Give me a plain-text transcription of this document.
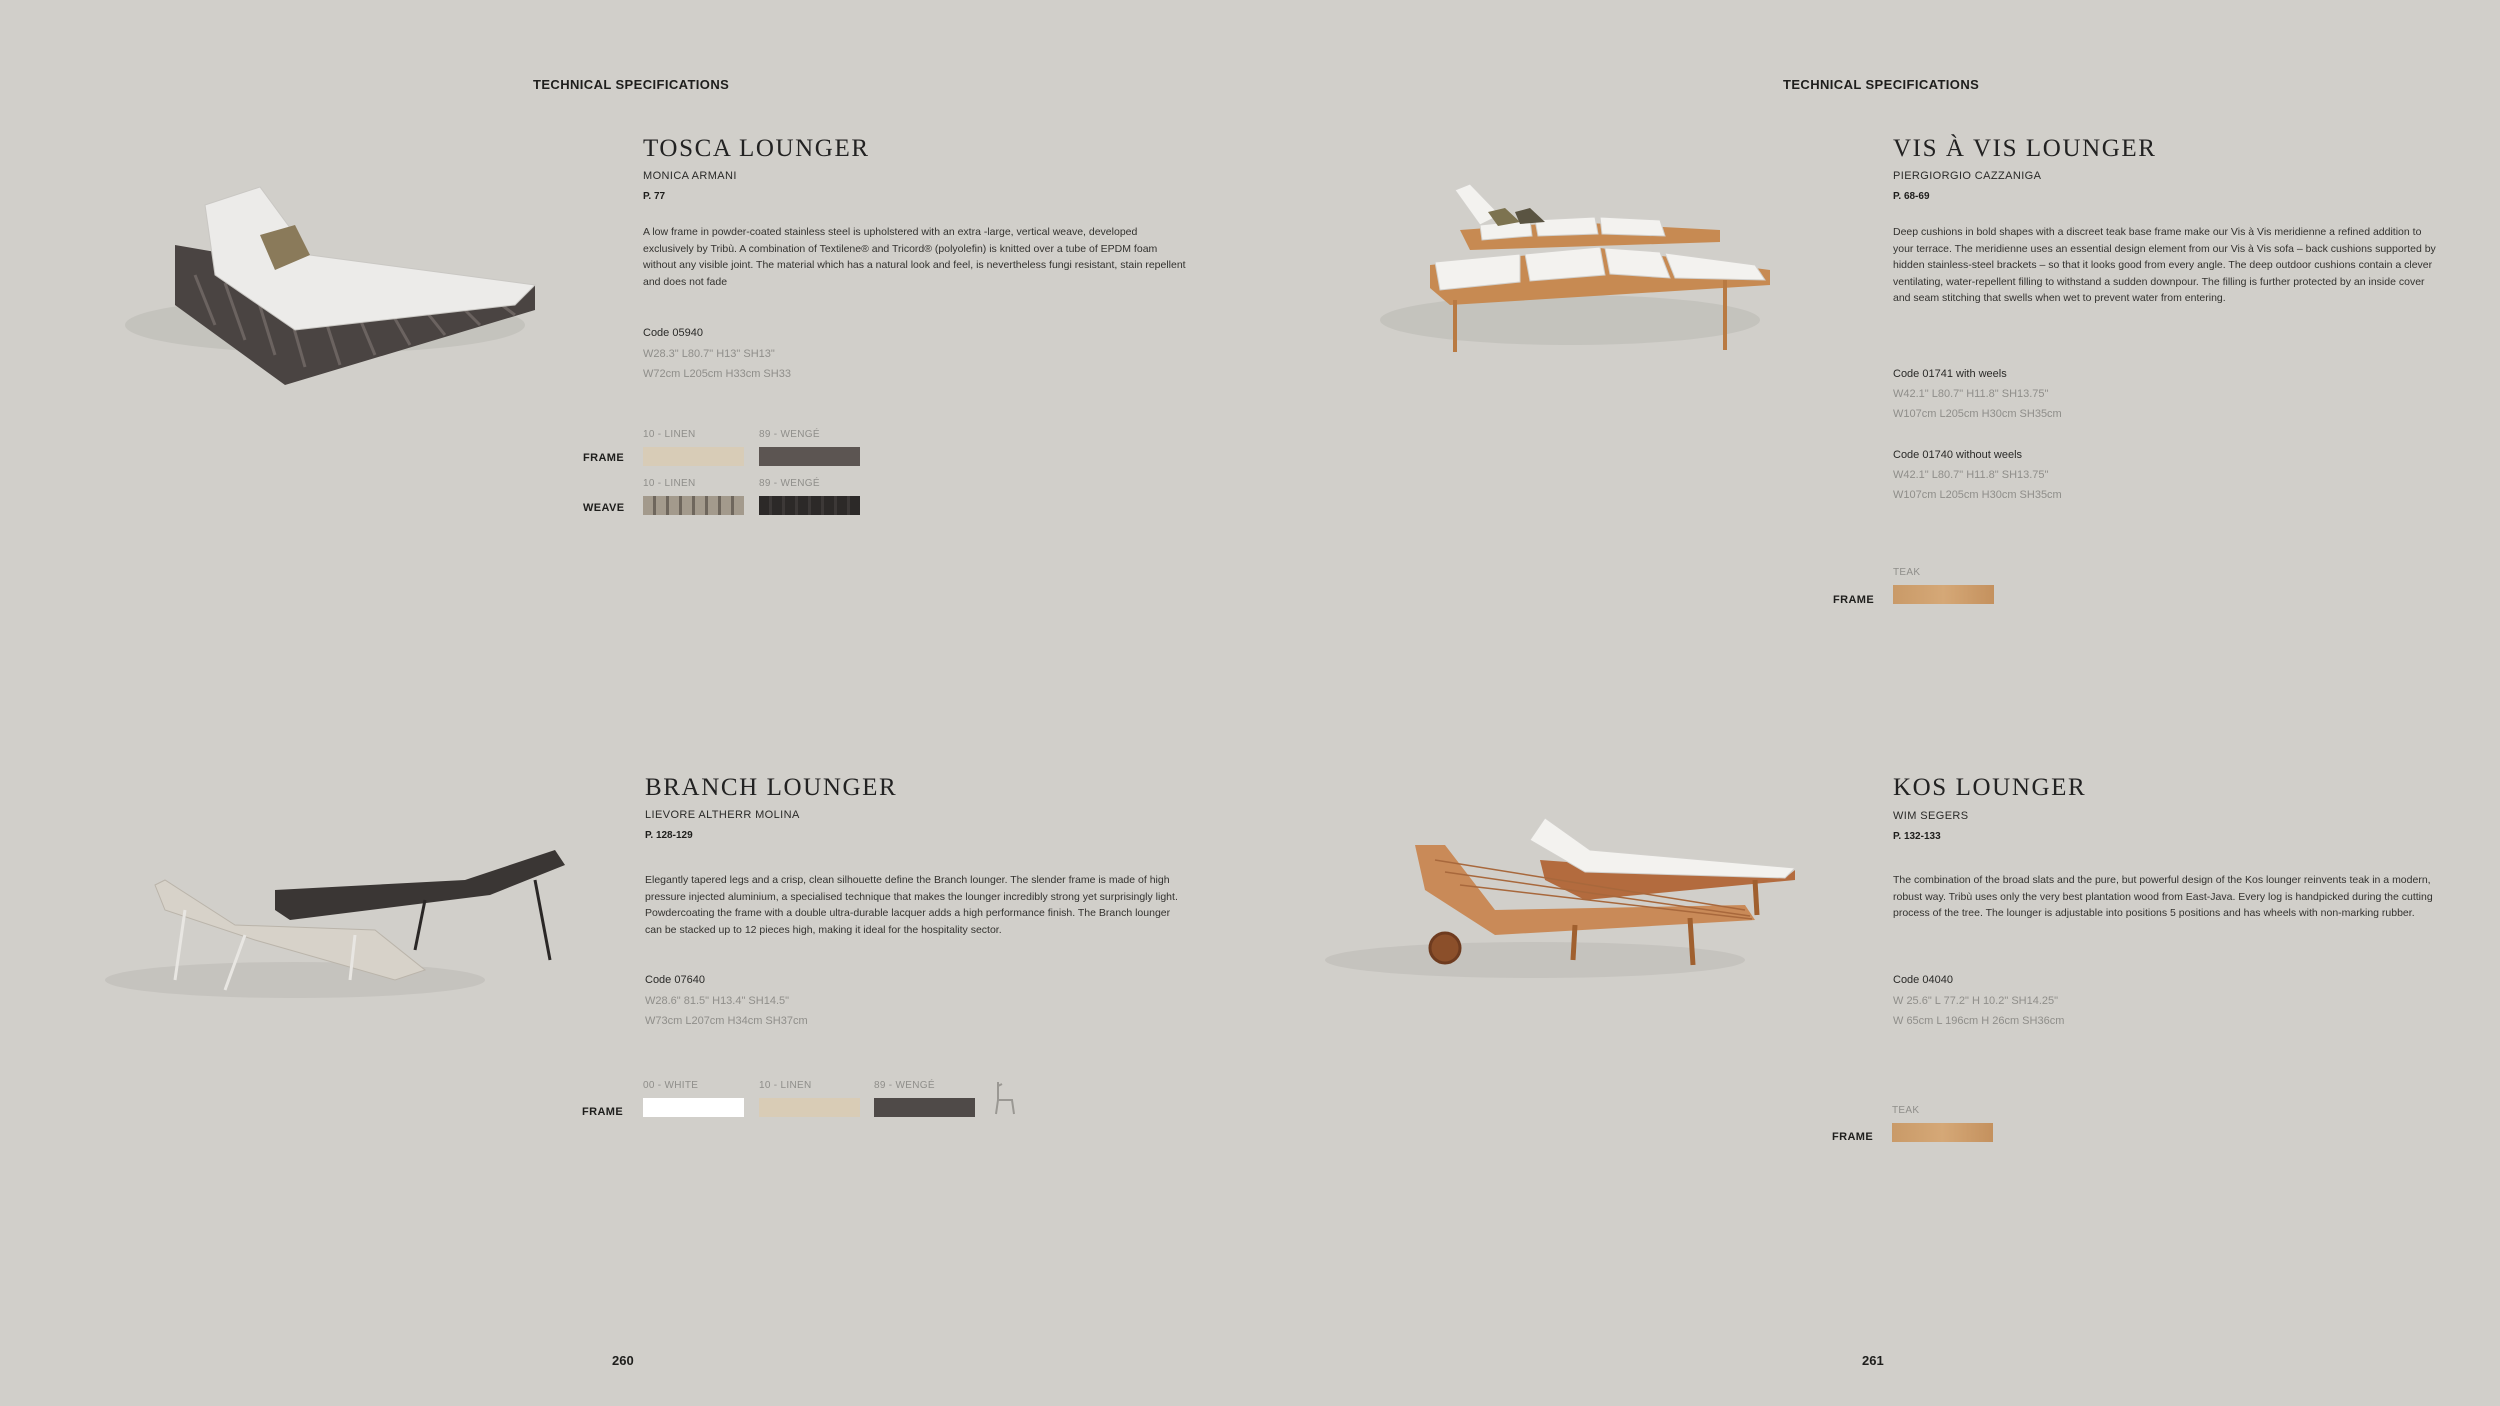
TECHNICAL SPECIFICATIONS
TOSCA LOUNGER
MONICA ARMANI
P. 77
A low frame in powder-coated stainless steel is upholstered with an extra -large, vertical weave, developed exclusively by Tribù. A combination of Textilene® and Tricord® (polyolefin) is knitted over a tube of EPDM foam without any visible joint. The material which has a natural look and feel, is nevertheless fungi resistant, stain repellent and does not fade
Code 05940
W28.3" L80.7" H13" SH13"
W72cm L205cm H33cm SH33
10 - LINEN	89 - WENGÉ
FRAME
10 - LINEN	89 - WENGÉ
WEAVE
BRANCH LOUNGER
LIEVORE ALTHERR MOLINA
P. 128-129
Elegantly tapered legs and a crisp, clean silhouette define the Branch lounger. The slender frame is made of high pressure injected aluminium, a specialised technique that makes the lounger incredibly strong yet surprisingly light. Powdercoating the frame with a double ultra-durable lacquer adds a high performance finish. The Branch lounger can be stacked up to 12 pieces high, making it ideal for the hospitality sector.
Code 07640
W28.6" 81.5" H13.4" SH14.5"
W73cm L207cm H34cm SH37cm
00 - WHITE	10 - LINEN	89 - WENGÉ
FRAME
260
TECHNICAL SPECIFICATIONS
VIS À VIS LOUNGER
PIERGIORGIO CAZZANIGA
P. 68-69
Deep cushions in bold shapes with a discreet teak base frame make our Vis à Vis meridienne a refined addition to your terrace. The meridienne uses an essential design element from our Vis à Vis sofa – back cushions supported by hidden stainless-steel brackets – so that it looks good from every angle. The deep outdoor cushions contain a clever ventilating, water-repellent filling to withstand a sudden downpour. The filling is further protected by an inside cover and seam stitching that swells when wet to prevent water from entering.
Code 01741 with weels
W42.1" L80.7" H11.8" SH13.75"
W107cm L205cm H30cm SH35cm
Code 01740 without weels
W42.1" L80.7" H11.8" SH13.75"
W107cm L205cm H30cm SH35cm
TEAK
FRAME
KOS LOUNGER
WIM SEGERS
P. 132-133
The combination of the broad slats and the pure, but powerful design of the Kos lounger reinvents teak in a modern, robust way. Tribù uses only the very best plantation wood from East-Java. Every log is handpicked during the cutting process of the tree. The lounger is adjustable into positions 5 positions and has wheels with non-marking rubber.
Code 04040
W 25.6" L 77.2" H 10.2" SH14.25"
W 65cm L 196cm H 26cm SH36cm
TEAK
FRAME
261
